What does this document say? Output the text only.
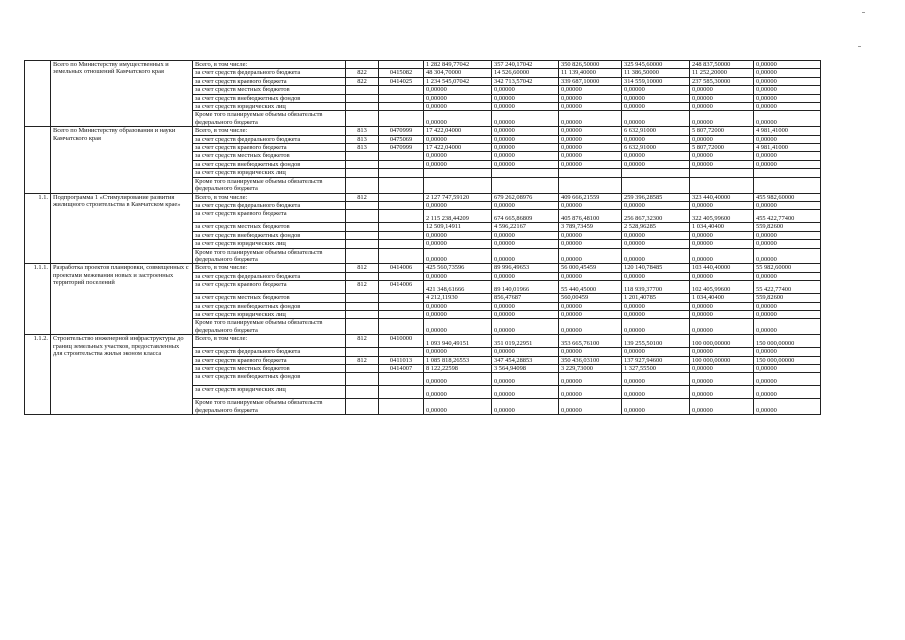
	Всего по Министерству имущественных и земельных отношений Камчатского края	Всего, в том числе:			1 282 849,77042	357 240,17042	350 826,50000	325 945,60000	248 837,50000	0,00000
		за счет средств федерального бюджета	822	0415082	48 304,70000	14 526,60000	11 139,40000	11 386,50000	11 252,20000	0,00000
		за счет средств краевого бюджета	822	0414025	1 234 545,07042	342 713,57042	339 687,10000	314 559,10000	237 585,30000	0,00000
		за счет средств местных бюджетов			0,00000	0,00000	0,00000	0,00000	0,00000	0,00000
		за счет средств внебюджетных фондов			0,00000	0,00000	0,00000	0,00000	0,00000	0,00000
		за счет средств юридических лиц			0,00000	0,00000	0,00000	0,00000	0,00000	0,00000
		Кроме того планируемые объемы обязательств федерального бюджета			0,00000	0,00000	0,00000	0,00000	0,00000	0,00000
	Всего по Министерству образования и науки Камчатского края	Всего, в том числе:	813	0470999	17 422,04000	0,00000	0,00000	6 632,91000	5 807,72000	4 981,41000
		за счет средств федерального бюджета	813	0475069	0,00000	0,00000	0,00000	0,00000	0,00000	0,00000
		за счет средств краевого бюджета	813	0470999	17 422,04000	0,00000	0,00000	6 632,91000	5 807,72000	4 981,41000
		за счет средств местных бюджетов			0,00000	0,00000	0,00000	0,00000	0,00000	0,00000
		за счет средств внебюджетных фондов			0,00000	0,00000	0,00000	0,00000	0,00000	0,00000
		за счет средств юридических лиц								
		Кроме того планируемые объемы обязательств федерального бюджета								
1.1.	Подпрограмма 1 «Стимулирование развития жилищного строительства в Камчатском крае»	Всего, в том числе:	812		2 127 747,59120	679 262,08976	409 666,21559	259 396,28585	323 440,40000	455 982,60000
		за счет средств федерального бюджета			0,00000	0,00000	0,00000	0,00000	0,00000	0,00000
		за счет средств краевого бюджета			2 115 238,44209	674 665,86809	405 876,48100	256 867,32300	322 405,99600	455 422,77400
		за счет средств местных бюджетов			12 509,14911	4 596,22167	3 789,73459	2 528,96285	1 034,40400	559,82600
		за счет средств внебюджетных фондов			0,00000	0,00000	0,00000	0,00000	0,00000	0,00000
		за счет средств юридических лиц			0,00000	0,00000	0,00000	0,00000	0,00000	0,00000
		Кроме того планируемые объемы обязательств федерального бюджета			0,00000	0,00000	0,00000	0,00000	0,00000	0,00000
1.1.1.	Разработка проектов планировки, совмещенных с проектами межевания новых и застроенных территорий поселений	Всего, в том числе:	812	0414006	425 560,73596	89 996,49653	56 000,45459	120 140,78485	103 440,40000	55 982,60000
		за счет средств федерального бюджета			0,00000	0,00000	0,00000	0,00000	0,00000	0,00000
		за счет средств краевого бюджета	812	0414006	421 348,61666	89 140,01966	55 440,45000	118 939,37700	102 405,99600	55 422,77400
		за счет средств местных бюджетов			4 212,11930	856,47687	560,00459	1 201,40785	1 034,40400	559,82600
		за счет средств внебюджетных фондов			0,00000	0,00000	0,00000	0,00000	0,00000	0,00000
		за счет средств юридических лиц			0,00000	0,00000	0,00000	0,00000	0,00000	0,00000
		Кроме того планируемые объемы обязательств федерального бюджета			0,00000	0,00000	0,00000	0,00000	0,00000	0,00000
1.1.2.	Строительство инженерной инфраструктуры до границ земельных участков, предоставленных для строительства жилья эконом класса	Всего, в том числе:	812	0410000	1 093 940,49151	351 019,22951	353 665,76100	139 255,50100	100 000,00000	150 000,00000
		за счет средств федерального бюджета			0,00000	0,00000	0,00000	0,00000	0,00000	0,00000
		за счет средств краевого бюджета	812	0411013	1 085 818,26553	347 454,28853	350 436,03100	137 927,94600	100 000,00000	150 000,00000
		за счет средств местных бюджетов		0414007	8 122,22598	3 564,94098	3 229,73000	1 327,55500	0,00000	0,00000
		за счет средств внебюджетных фондов			0,00000	0,00000	0,00000	0,00000	0,00000	0,00000
		за счет средств юридических лиц			0,00000	0,00000	0,00000	0,00000	0,00000	0,00000
		Кроме того планируемые объемы обязательств федерального бюджета			0,00000	0,00000	0,00000	0,00000	0,00000	0,00000
